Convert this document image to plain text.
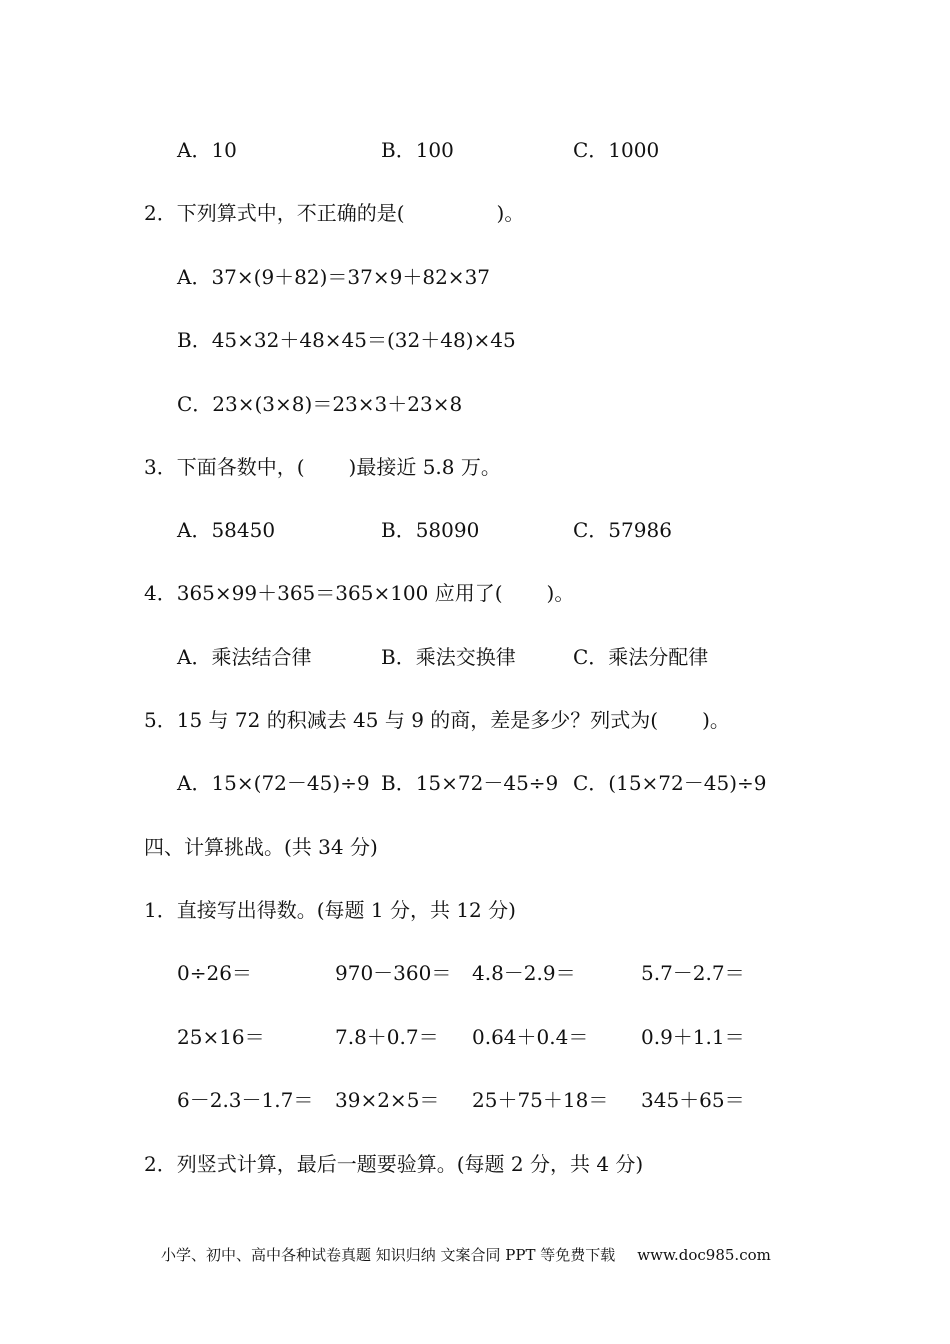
A．10	B．100	C．1000
2．下列算式中，不正确的是(	)。
A．37×(9＋82)＝37×9＋82×37
B．45×32＋48×45＝(32＋48)×45
C．23×(3×8)＝23×3＋23×8
3．下面各数中，( )最接近 5.8 万。
A．58450	B．58090	C．57986
4．365×99＋365＝365×100 应用了( )。
A．乘法结合律	B．乘法交换律	C．乘法分配律
5．15 与 72 的积减去 45 与 9 的商，差是多少？列式为( )。
A．15×(72－45)÷9 B．15×72－45÷9 C．(15×72－45)÷9
四、计算挑战。(共 34 分)
1．直接写出得数。(每题 1 分，共 12 分)
0÷26＝	970－360＝ 4.8－2.9＝	5.7－2.7＝
25×16＝	7.8＋0.7＝ 0.64＋0.4＝	0.9＋1.1＝
6－2.3－1.7＝ 39×2×5＝ 25＋75＋18＝ 345＋65＝
2．列竖式计算，最后一题要验算。(每题 2 分，共 4 分)
小学、初中、高中各种试卷真题 知识归纳 文案合同 PPT 等免费下载 www.doc985.com
